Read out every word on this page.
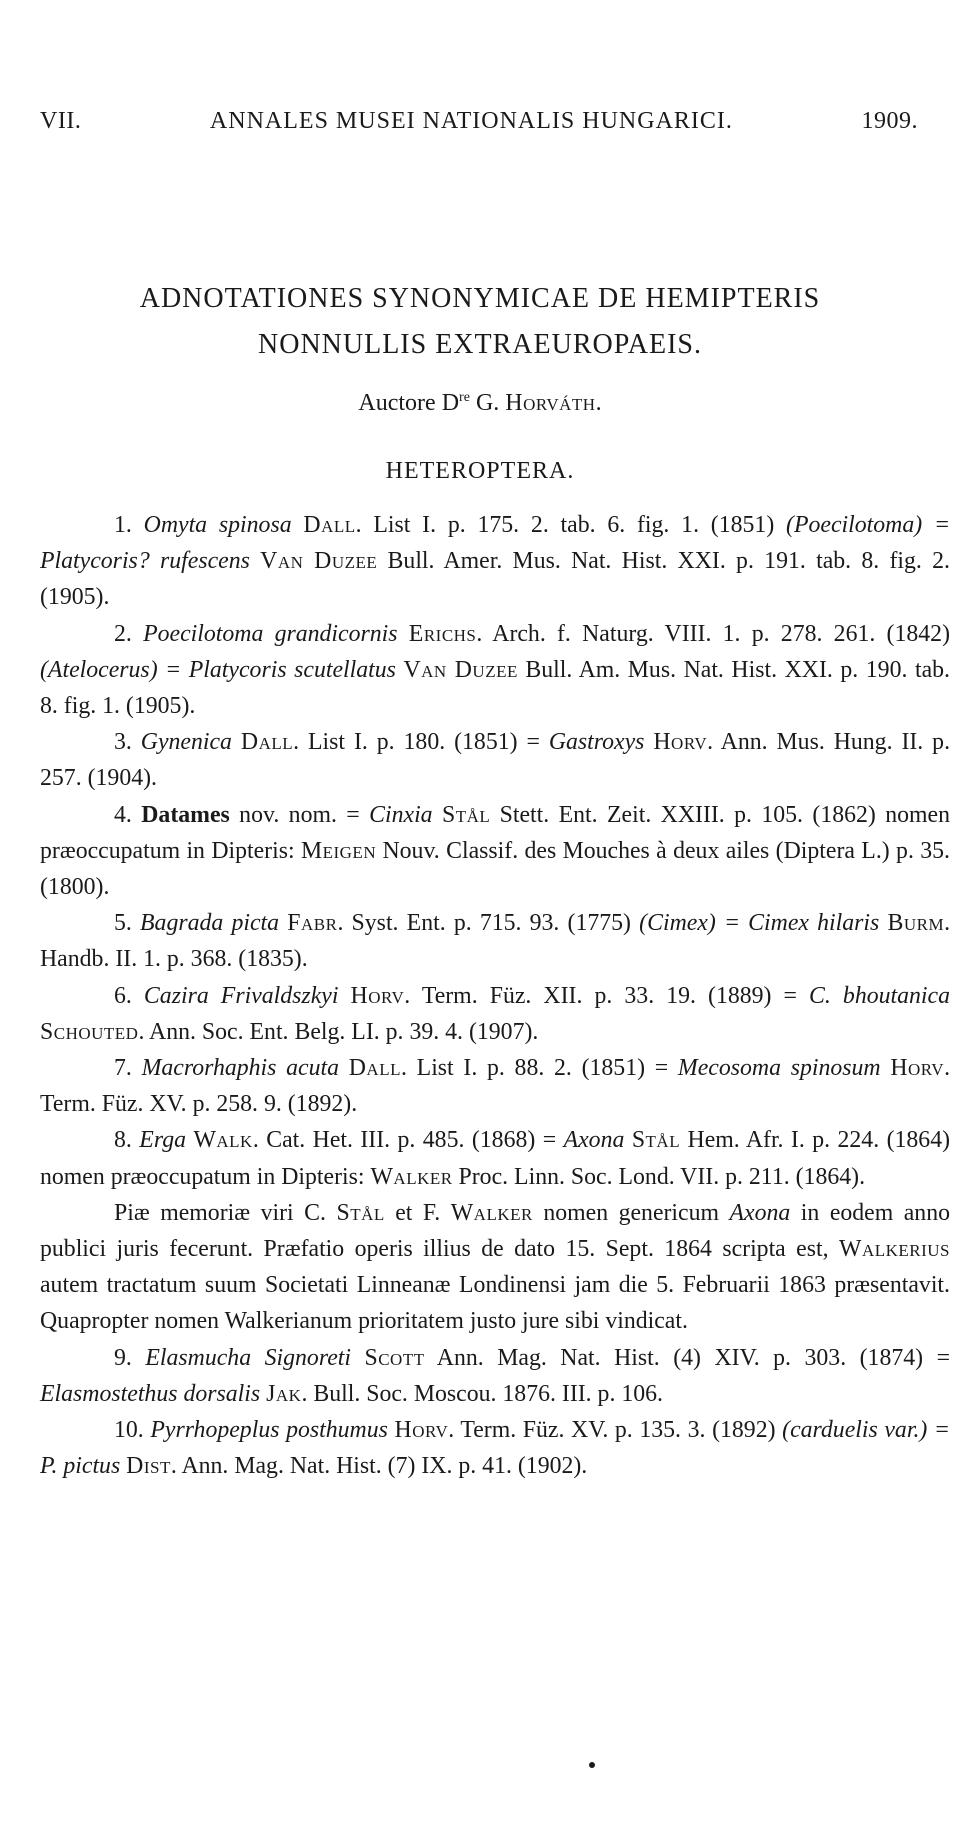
VII.	ANNALES MUSEI NATIONALIS HUNGARICI.	1909.
ADNOTATIONES SYNONYMICAE DE HEMIPTERIS
NONNULLIS EXTRAEUROPAEIS.
Auctore Dre G. Horváth.
HETEROPTERA.

1. Omyta spinosa Dall. List I. p. 175. 2. tab. 6. fig. 1. (1851) (Poecilotoma) = Platycoris? rufescens Van Duzee Bull. Amer. Mus. Nat. Hist. XXI. p. 191. tab. 8. fig. 2. (1905).

2. Poecilotoma grandicornis Erichs. Arch. f. Naturg. VIII. 1. p. 278. 261. (1842) (Atelocerus) = Platycoris scutellatus Van Duzee Bull. Am. Mus. Nat. Hist. XXI. p. 190. tab. 8. fig. 1. (1905).

3. Gynenica Dall. List I. p. 180. (1851) = Gastroxys Horv. Ann. Mus. Hung. II. p. 257. (1904).

4. Datames nov. nom. = Cinxia Stål Stett. Ent. Zeit. XXIII. p. 105. (1862) nomen præoccupatum in Dipteris: Meigen Nouv. Classif. des Mouches à deux ailes (Diptera L.) p. 35. (1800).

5. Bagrada picta Fabr. Syst. Ent. p. 715. 93. (1775) (Cimex) = Cimex hilaris Burm. Handb. II. 1. p. 368. (1835).

6. Cazira Frivaldszkyi Horv. Term. Füz. XII. p. 33. 19. (1889) = C. bhoutanica Schouted. Ann. Soc. Ent. Belg. LI. p. 39. 4. (1907).

7. Macrorhaphis acuta Dall. List I. p. 88. 2. (1851) = Mecosoma spinosum Horv. Term. Füz. XV. p. 258. 9. (1892).

8. Erga Walk. Cat. Het. III. p. 485. (1868) = Axona Stål Hem. Afr. I. p. 224. (1864) nomen præoccupatum in Dipteris: Walker Proc. Linn. Soc. Lond. VII. p. 211. (1864).

Piæ memoriæ viri C. Stål et F. Walker nomen genericum Axona in eodem anno publici juris fecerunt. Præfatio operis illius de dato 15. Sept. 1864 scripta est, Walkerius autem tractatum suum Societati Linneanæ Londinensi jam die 5. Februarii 1863 præsentavit. Quapropter nomen Walkerianum prioritatem justo jure sibi vindicat.

9. Elasmucha Signoreti Scott Ann. Mag. Nat. Hist. (4) XIV. p. 303. (1874) = Elasmostethus dorsalis Jak. Bull. Soc. Moscou. 1876. III. p. 106.

10. Pyrrhopeplus posthumus Horv. Term. Füz. XV. p. 135. 3. (1892) (carduelis var.) = P. pictus Dist. Ann. Mag. Nat. Hist. (7) IX. p. 41. (1902).
